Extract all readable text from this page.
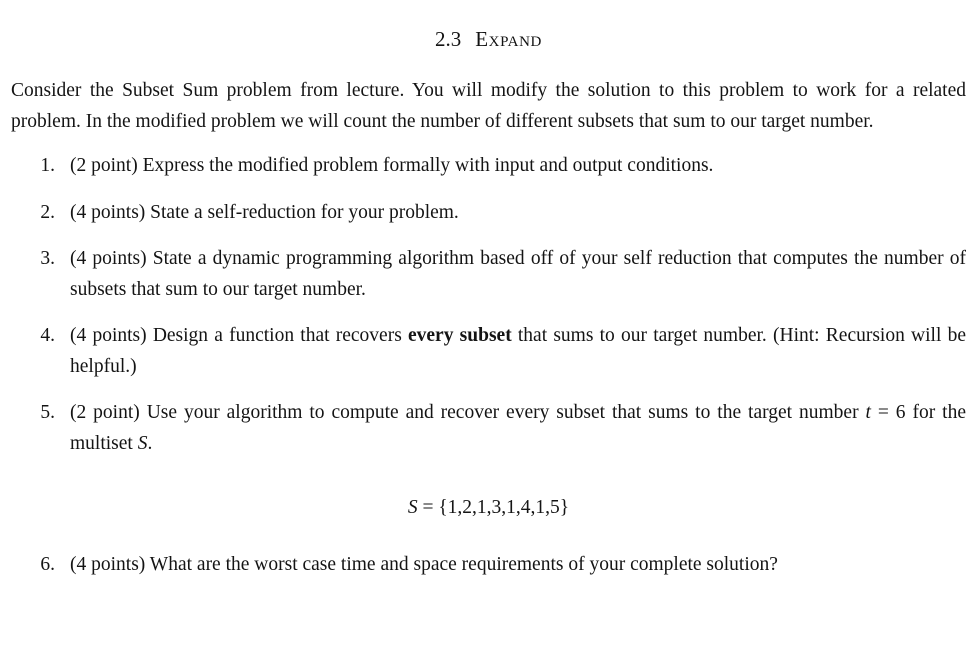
2.3 Expand

Consider the Subset Sum problem from lecture. You will modify the solution to this problem to work for a related problem. In the modified problem we will count the number of different subsets that sum to our target number.

1. (2 point) Express the modified problem formally with input and output conditions.
2. (4 points) State a self-reduction for your problem.
3. (4 points) State a dynamic programming algorithm based off of your self reduction that computes the number of subsets that sum to our target number.
4. (4 points) Design a function that recovers every subset that sums to our target number. (Hint: Recursion will be helpful.)
5. (2 point) Use your algorithm to compute and recover every subset that sums to the target number t = 6 for the multiset S.
S = {1,2,1,3,1,4,1,5}
6. (4 points) What are the worst case time and space requirements of your complete solution?
